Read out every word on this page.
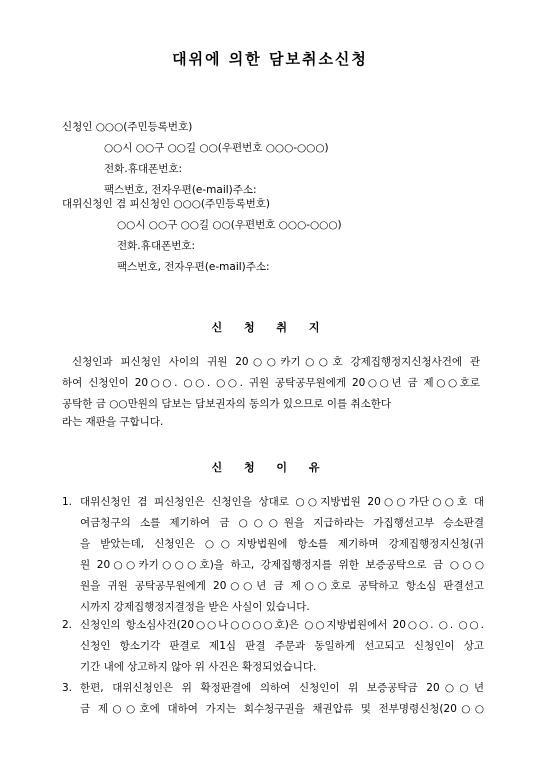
대위에 의한 담보취소신청
신청인 ○○○(주민등록번호)
○○시 ○○구 ○○길 ○○(우편번호 ○○○-○○○)
전화․휴대폰번호:
팩스번호, 전자우편(e-mail)주소:
대위신청인 겸 피신청인 ○○○(주민등록번호)
○○시 ○○구 ○○길 ○○(우편번호 ○○○-○○○)
전화․휴대폰번호:
팩스번호, 전자우편(e-mail)주소:
신 청 취 지
신청인과 피신청인 사이의 귀원 20○○카기○○호 강제집행정지신청사건에 관
하여 신청인이 20○○. ○○. ○○. 귀원 공탁공무원에게 20○○년 금 제○○호로
공탁한 금 ○○만원의 담보는 담보권자의 동의가 있으므로 이를 취소한다
라는 재판을 구합니다.
신 청 이 유
1. 대위신청인 겸 피신청인은 신청인을 상대로 ○○지방법원 20○○가단○○호 대
여금청구의 소를 제기하여 금 ○○○원을 지급하라는 가집행선고부 승소판결
을 받았는데, 신청인은 ○○지방법원에 항소를 제기하며 강제집행정지신청(귀
원 20○○카기○○○호)을 하고, 강제집행정지를 위한 보증공탁으로 금 ○○○
원을 귀원 공탁공무원에게 20○○년 금 제○○호로 공탁하고 항소심 판결선고
시까지 강제집행정지결정을 받은 사실이 있습니다.
2. 신청인의 항소심사건(20○○나○○○○호)은 ○○지방법원에서 20○○. ○. ○○.
신청인 항소기각 판결로 제1심 판결 주문과 동일하게 선고되고 신청인이 상고
기간 내에 상고하지 않아 위 사건은 확정되었습니다.
3. 한편, 대위신청인은 위 확정판결에 의하여 신청인이 위 보증공탁금 20○○년
금 제○○호에 대하여 가지는 회수청구권을 채권압류 및 전부명령신청(20○○
